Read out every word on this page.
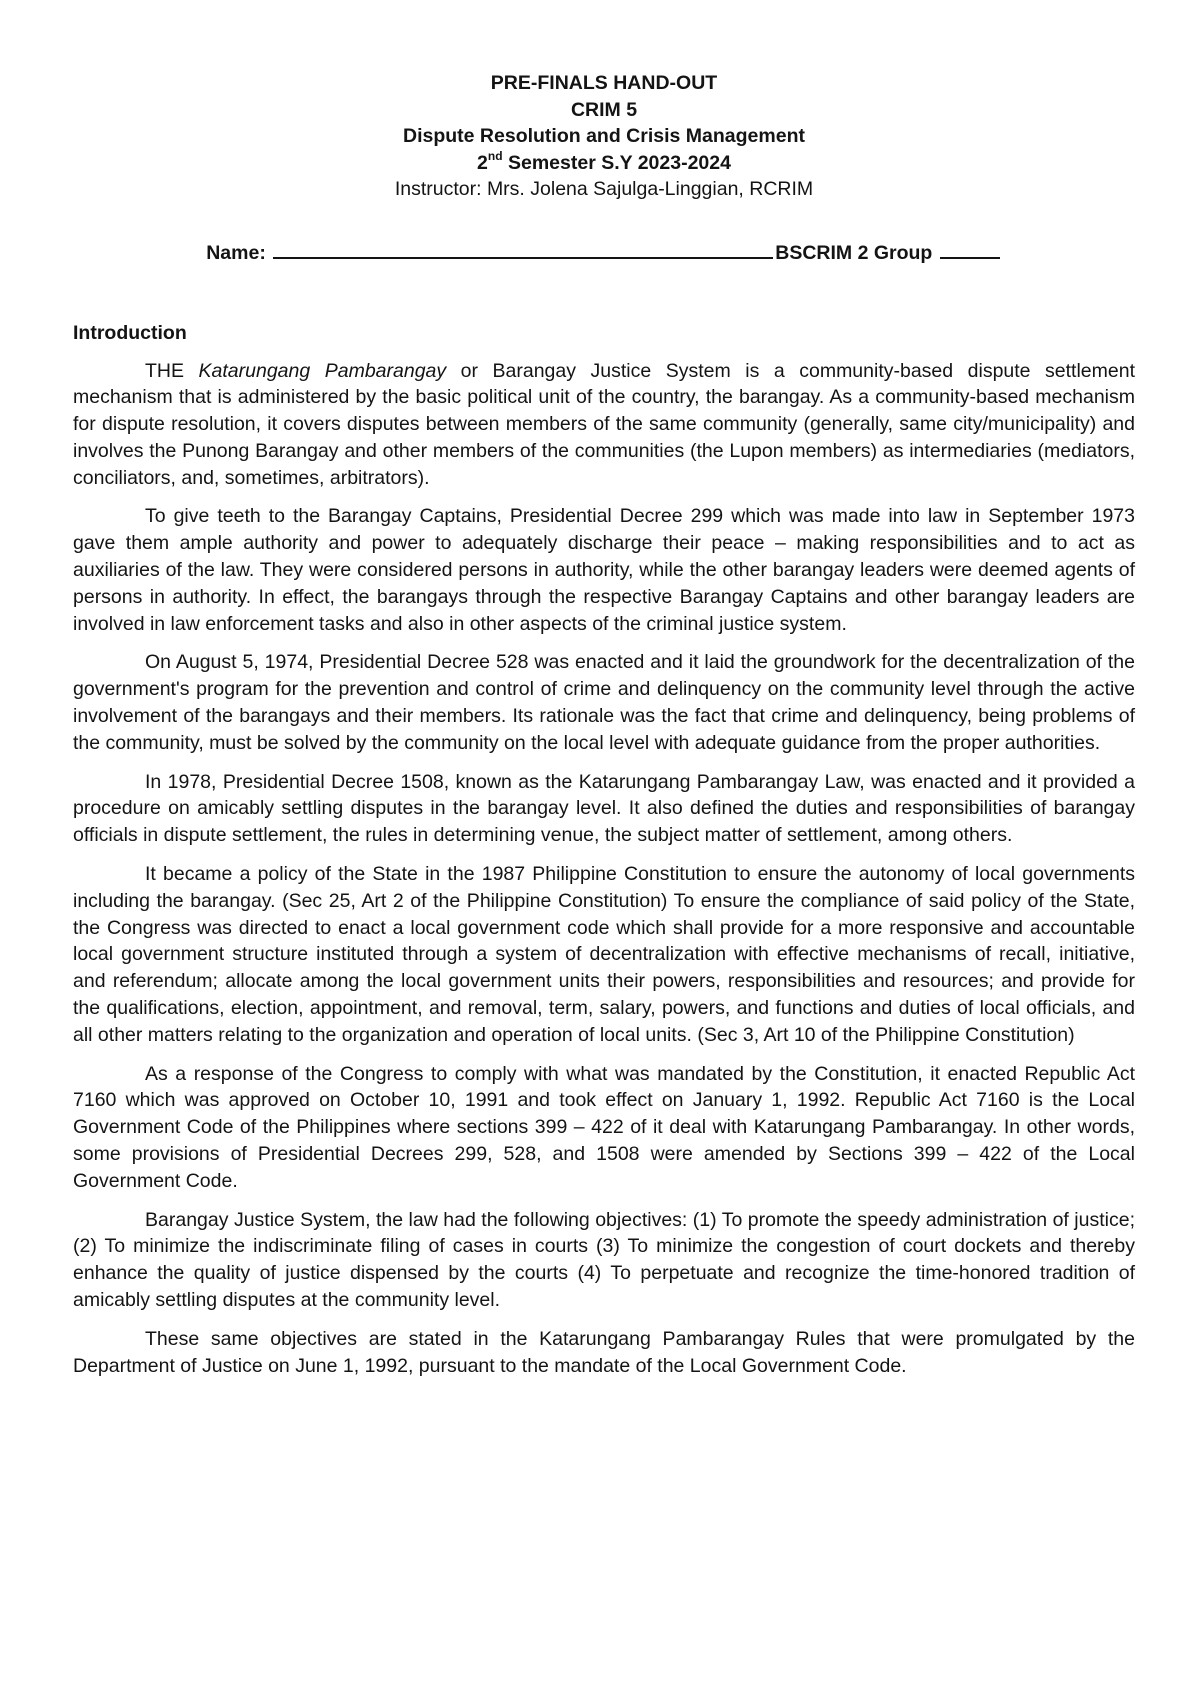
PRE-FINALS HAND-OUT
CRIM 5
Dispute Resolution and Crisis Management
2nd Semester S.Y 2023-2024
Instructor: Mrs. Jolena Sajulga-Linggian, RCRIM
Name:	BSCRIM 2 Group
Introduction

THE Katarungang Pambarangay or Barangay Justice System is a community-based dispute settlement mechanism that is administered by the basic political unit of the country, the barangay. As a community-based mechanism for dispute resolution, it covers disputes between members of the same community (generally, same city/municipality) and involves the Punong Barangay and other members of the communities (the Lupon members) as intermediaries (mediators, conciliators, and, sometimes, arbitrators).

To give teeth to the Barangay Captains, Presidential Decree 299 which was made into law in September 1973 gave them ample authority and power to adequately discharge their peace – making responsibilities and to act as auxiliaries of the law. They were considered persons in authority, while the other barangay leaders were deemed agents of persons in authority. In effect, the barangays through the respective Barangay Captains and other barangay leaders are involved in law enforcement tasks and also in other aspects of the criminal justice system.

On August 5, 1974, Presidential Decree 528 was enacted and it laid the groundwork for the decentralization of the government's program for the prevention and control of crime and delinquency on the community level through the active involvement of the barangays and their members. Its rationale was the fact that crime and delinquency, being problems of the community, must be solved by the community on the local level with adequate guidance from the proper authorities.

In 1978, Presidential Decree 1508, known as the Katarungang Pambarangay Law, was enacted and it provided a procedure on amicably settling disputes in the barangay level. It also defined the duties and responsibilities of barangay officials in dispute settlement, the rules in determining venue, the subject matter of settlement, among others.

It became a policy of the State in the 1987 Philippine Constitution to ensure the autonomy of local governments including the barangay. (Sec 25, Art 2 of the Philippine Constitution) To ensure the compliance of said policy of the State, the Congress was directed to enact a local government code which shall provide for a more responsive and accountable local government structure instituted through a system of decentralization with effective mechanisms of recall, initiative, and referendum; allocate among the local government units their powers, responsibilities and resources; and provide for the qualifications, election, appointment, and removal, term, salary, powers, and functions and duties of local officials, and all other matters relating to the organization and operation of local units. (Sec 3, Art 10 of the Philippine Constitution)

As a response of the Congress to comply with what was mandated by the Constitution, it enacted Republic Act 7160 which was approved on October 10, 1991 and took effect on January 1, 1992. Republic Act 7160 is the Local Government Code of the Philippines where sections 399 – 422 of it deal with Katarungang Pambarangay. In other words, some provisions of Presidential Decrees 299, 528, and 1508 were amended by Sections 399 – 422 of the Local Government Code.

Barangay Justice System, the law had the following objectives: (1) To promote the speedy administration of justice; (2) To minimize the indiscriminate filing of cases in courts (3) To minimize the congestion of court dockets and thereby enhance the quality of justice dispensed by the courts (4) To perpetuate and recognize the time-honored tradition of amicably settling disputes at the community level.

These same objectives are stated in the Katarungang Pambarangay Rules that were promulgated by the Department of Justice on June 1, 1992, pursuant to the mandate of the Local Government Code.
